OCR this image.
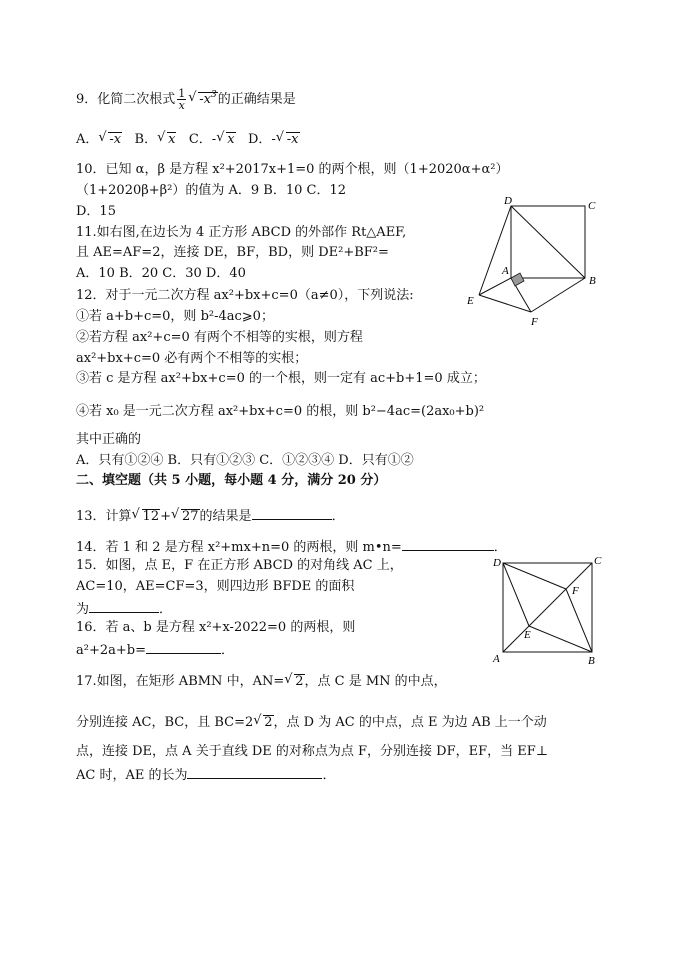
9．化简二次根式 $\frac{1}{x}$ √ $-x^3$的正确结果是
A． √ -x B． √ x C．- √ x D．- √ -x
10．已知 α，β 是方程 x²+2017x+1=0 的两个根，则（1+2020α+α²）
（1+2020β+β²）的值为 A．9 B．10 C．12
D．15
11.如右图,在边长为 4 正方形 ABCD 的外部作 Rt△AEF,
且 AE=AF=2，连接 DE，BF，BD，则 DE²+BF²=
A．10 B．20 C．30 D．40
D	C
A
B
E
F
12．对于一元二次方程 ax²+bx+c=0（a≠0），下列说法:
①若 a+b+c=0，则 b²-4ac⩾0；
②若方程 ax²+c=0 有两个不相等的实根，则方程
ax²+bx+c=0 必有两个不相等的实根；
③若 c 是方程 ax²+bx+c=0 的一个根，则一定有 ac+b+1=0 成立；
④若 x₀ 是一元二次方程 ax²+bx+c=0 的根，则 b²−4ac=(2ax₀+b)²
其中正确的
A．只有①②④ B．只有①②③ C．①②③④ D．只有①②
二、填空题（共 5 小题，每小题 4 分，满分 20 分）
13．计算 √ 12+ √ 27的结果是	．
14．若 1 和 2 是方程 x²+mx+n=0 的两根，则 m•n=	．
15．如图，点 E，F 在正方形 ABCD 的对角线 AC 上，
AC=10，AE=CF=3，则四边形 BFDE 的面积
为	．
D	C
F
E
A	B
16．若 a、b 是方程 x²+x-2022=0 的两根，则
a²+2a+b=	．
17.如图，在矩形 ABMN 中，AN= √ 2，点 C 是 MN 的中点，
分别连接 AC，BC，且 BC=2 √ 2，点 D 为 AC 的中点，点 E 为边 AB 上一个动
点，连接 DE，点 A 关于直线 DE 的对称点为点 F，分别连接 DF，EF，当 EF⊥
AC 时，AE 的长为	．
